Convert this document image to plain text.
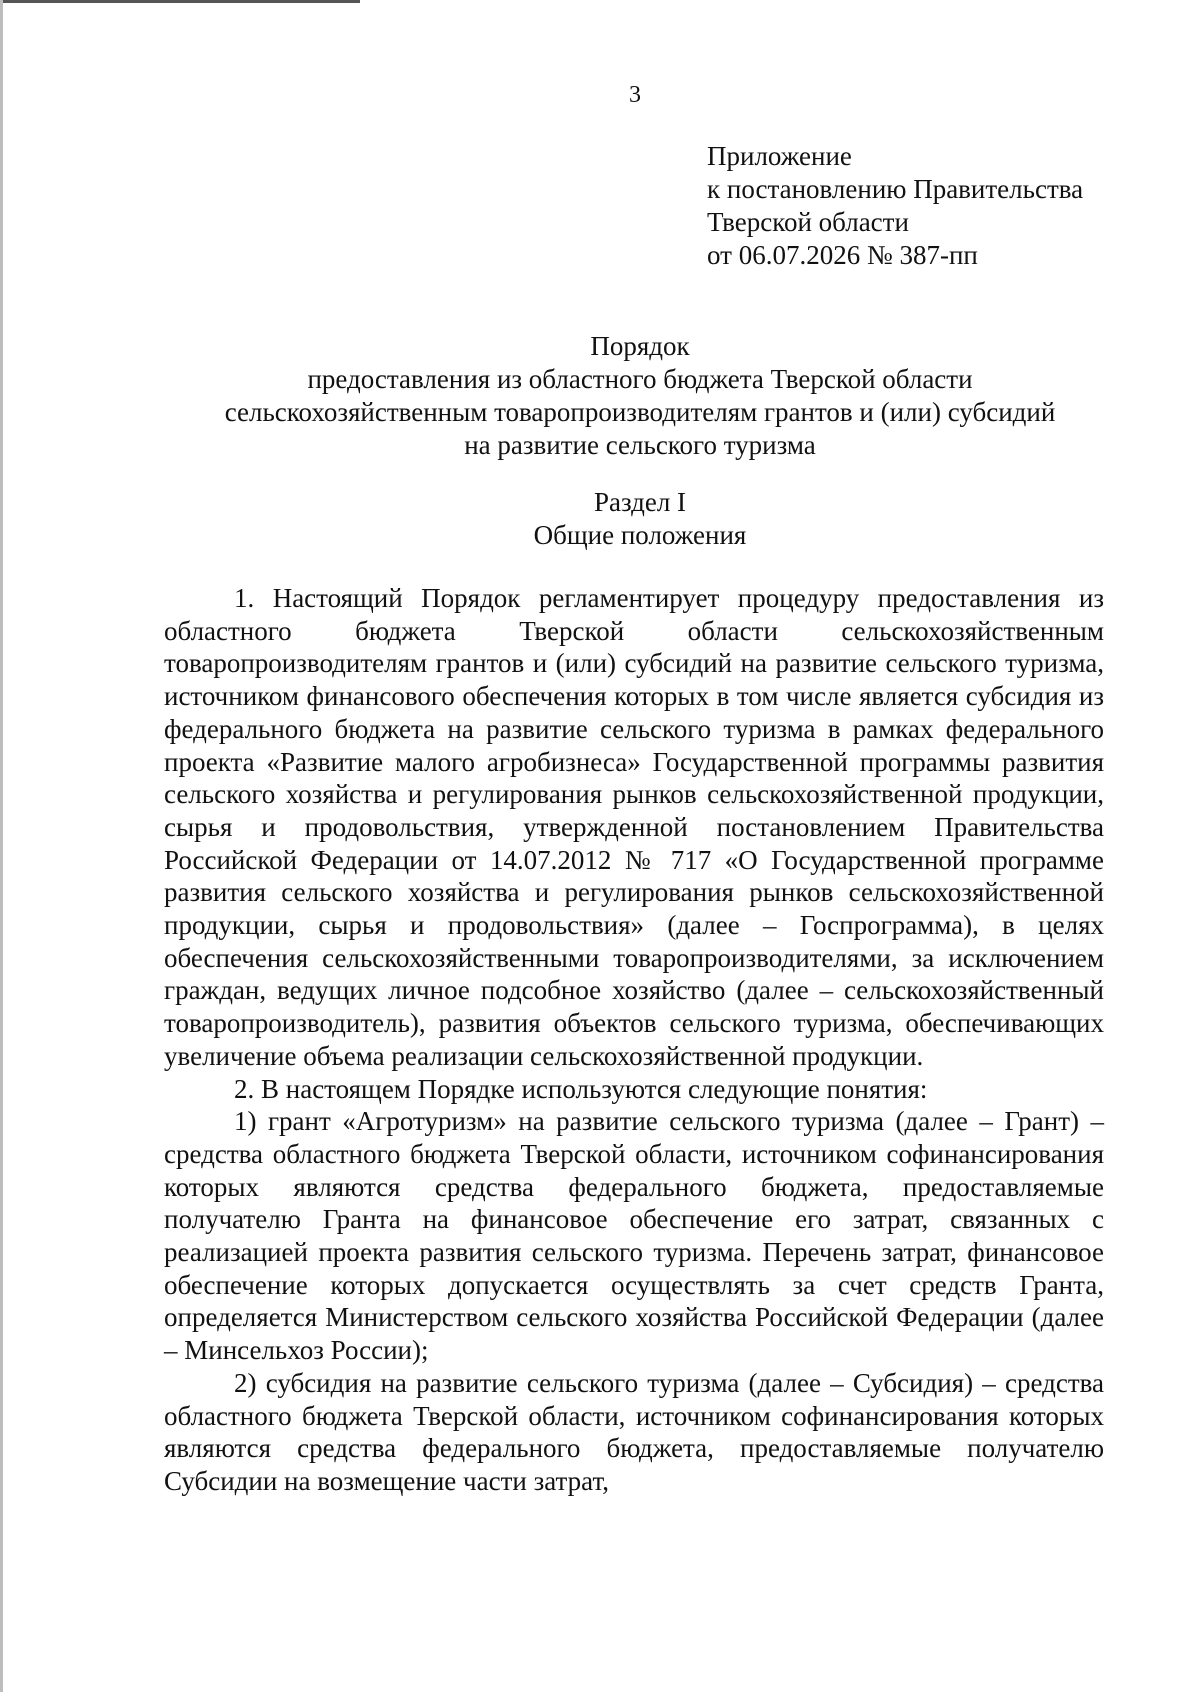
3
Приложение
к постановлению Правительства
Тверской области
от 06.07.2026 № 387-пп
Порядок
предоставления из областного бюджета Тверской области
сельскохозяйственным товаропроизводителям грантов и (или) субсидий
на развитие сельского туризма
Раздел I
Общие положения

1. Настоящий Порядок регламентирует процедуру предоставления из областного бюджета Тверской области сельскохозяйственным товаропроизводителям грантов и (или) субсидий на развитие сельского туризма, источником финансового обеспечения которых в том числе является субсидия из федерального бюджета на развитие сельского туризма в рамках федерального проекта «Развитие малого агробизнеса» Государственной программы развития сельского хозяйства и регулирования рынков сельскохозяйственной продукции, сырья и продовольствия, утвержденной постановлением Правительства Российской Федерации от 14.07.2012 № 717 «О Государственной программе развития сельского хозяйства и регулирования рынков сельскохозяйственной продукции, сырья и продовольствия» (далее – Госпрограмма), в целях обеспечения сельскохозяйственными товаропроизводителями, за исключением граждан, ведущих личное подсобное хозяйство (далее – сельскохозяйственный товаропроизводитель), развития объектов сельского туризма, обеспечивающих увеличение объема реализации сельскохозяйственной продукции.

2. В настоящем Порядке используются следующие понятия:

1) грант «Агротуризм» на развитие сельского туризма (далее – Грант) – средства областного бюджета Тверской области, источником софинансирования которых являются средства федерального бюджета, предоставляемые получателю Гранта на финансовое обеспечение его затрат, связанных с реализацией проекта развития сельского туризма. Перечень затрат, финансовое обеспечение которых допускается осуществлять за счет средств Гранта, определяется Министерством сельского хозяйства Российской Федерации (далее – Минсельхоз России);

2) субсидия на развитие сельского туризма (далее – Субсидия) – средства областного бюджета Тверской области, источником софинансирования которых являются средства федерального бюджета, предоставляемые получателю Субсидии на возмещение части затрат,
